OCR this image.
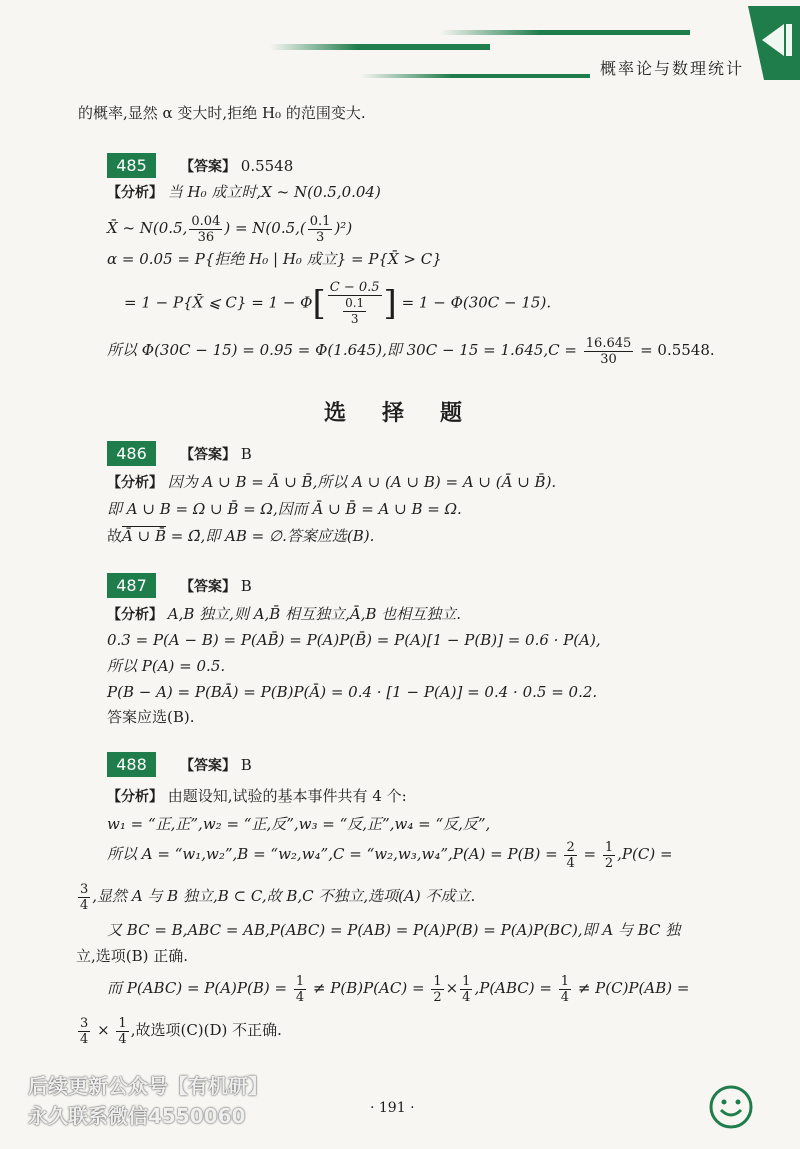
概率论与数理统计
的概率,显然 α 变大时,拒绝 H₀ 的范围变大.
485	【答案】 0.5548
【分析】 当 H₀ 成立时,X ~ N(0.5,0.04)
X̄ ~ N(0.5, $\frac{0.04}{36}$ ) = $N(0.5,( \frac{0.1}{3} )^2)$
α = 0.05 = P{拒绝 H₀ | H₀ 成立} = P{X̄ > C}
= 1 − P{X̄ ⩽ $C\} = 1 - \Phi[ \frac{C - 0.5}{\frac{0.1}{3}}$ ] = 1 − Φ(30C − 15).
所以 Φ(30C − 15) = 0.95 = Φ(1.645),即 $30C - 15 = 1.645,C = \frac{16.645}{30} = 0.5548$.
选择题
486	【答案】 B
【分析】 因为 A ∪ B = Ā ∪ B̄,所以 A ∪ (A ∪ B) = A ∪ (Ā ∪ B̄).
即 A ∪ B = Ω ∪ B̄ = Ω,因而 Ā ∪ B̄ = A ∪ B = Ω.
故Ā ∪ B̄ = Ω̄,即 AB = ∅.答案应选(B).
487	【答案】 B
【分析】 A,B 独立,则 A,B̄ 相互独立,Ā,B 也相互独立.
0.3 = P(A − B) = P(AB̄) = P(A)P(B̄) = P(A)[1 − P(B)] = 0.6 · P(A),
所以 P(A) = 0.5.
P(B − A) = P(BĀ) = P(B)P(Ā) = 0.4 · [1 − P(A)] = 0.4 · 0.5 = 0.2.
答案应选(B).
488	【答案】 B
【分析】 由题设知,试验的基本事件共有 4 个:
w₁ = “正,正”,w₂ = “正,反”,w₃ = “反,正”,w₄ = “反,反”,
所以 A = “w₁,w₂”,B = “w₂,w₄”,C = “w₂,w₃,w₄”,P(A) = $P(B) = \frac{2}{4} = \frac{1}{2} ,P(C)$ =
$\frac{3}{4}$ ,显然 A 与 B 独立,B ⊂ C,故 B,C 不独立,选项(A) 不成立.
又 BC = B,ABC = AB,P(ABC) = P(AB) = P(A)P(B) = P(A)P(BC),即 A 与 BC 独
立,选项(B) 正确.
而 $P(ABC) = P(A)P(B) = \frac{1}{4} \ne P(B)P(AC) = \frac{1}{2} \times \frac{1}{4} ,P(ABC) = \frac{1}{4} \ne P(C)P(AB)$ =
$\frac{3}{4} \times \frac{1}{4}$ ,故选项(C)(D) 不正确.
后续更新公众号【有机研】
永久联系微信4550060	· 191 ·
